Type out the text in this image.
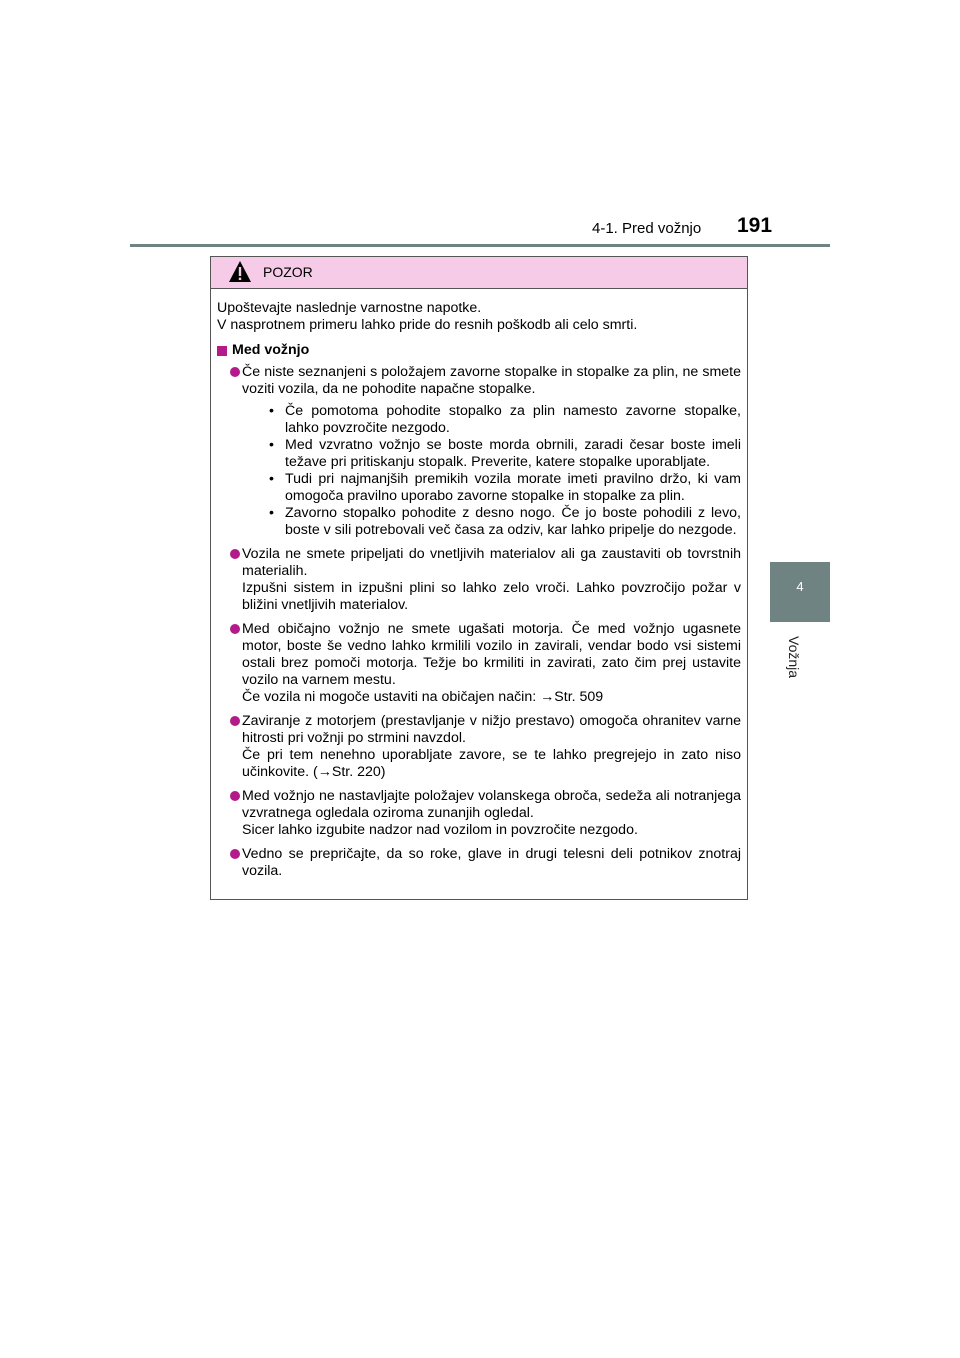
4-1. Pred vožnjo 191
4
Vožnja
POZOR

Upoštevajte naslednje varnostne napotke.

V nasprotnem primeru lahko pride do resnih poškodb ali celo smrti.

Med vožnjo

Če niste seznanjeni s položajem zavorne stopalke in stopalke za plin, ne smete voziti vozila, da ne pohodite napačne stopalke.

• Če pomotoma pohodite stopalko za plin namesto zavorne stopalke, lahko povzročite nezgodo.
• Med vzvratno vožnjo se boste morda obrnili, zaradi česar boste imeli težave pri pritiskanju stopalk. Preverite, katere stopalke uporabljate.
• Tudi pri najmanjših premikih vozila morate imeti pravilno držo, ki vam omogoča pravilno uporabo zavorne stopalke in stopalke za plin.
• Zavorno stopalko pohodite z desno nogo. Če jo boste pohodili z levo, boste v sili potrebovali več časa za odziv, kar lahko pripelje do nezgode.

Vozila ne smete pripeljati do vnetljivih materialov ali ga zaustaviti ob tovrstnih materialih.

Izpušni sistem in izpušni plini so lahko zelo vroči. Lahko povzročijo požar v bližini vnetljivih materialov.

Med običajno vožnjo ne smete ugašati motorja. Če med vožnjo ugasnete motor, boste še vedno lahko krmilili vozilo in zavirali, vendar bodo vsi sistemi ostali brez pomoči motorja. Težje bo krmiliti in zavirati, zato čim prej ustavite vozilo na varnem mestu.

Če vozila ni mogoče ustaviti na običajen način: →Str. 509

Zaviranje z motorjem (prestavljanje v nižjo prestavo) omogoča ohranitev varne hitrosti pri vožnji po strmini navzdol.

Če pri tem nenehno uporabljate zavore, se te lahko pregrejejo in zato niso učinkovite. (→Str. 220)

Med vožnjo ne nastavljajte položajev volanskega obroča, sedeža ali notranjega vzvratnega ogledala oziroma zunanjih ogledal.

Sicer lahko izgubite nadzor nad vozilom in povzročite nezgodo.

Vedno se prepričajte, da so roke, glave in drugi telesni deli potnikov znotraj vozila.
